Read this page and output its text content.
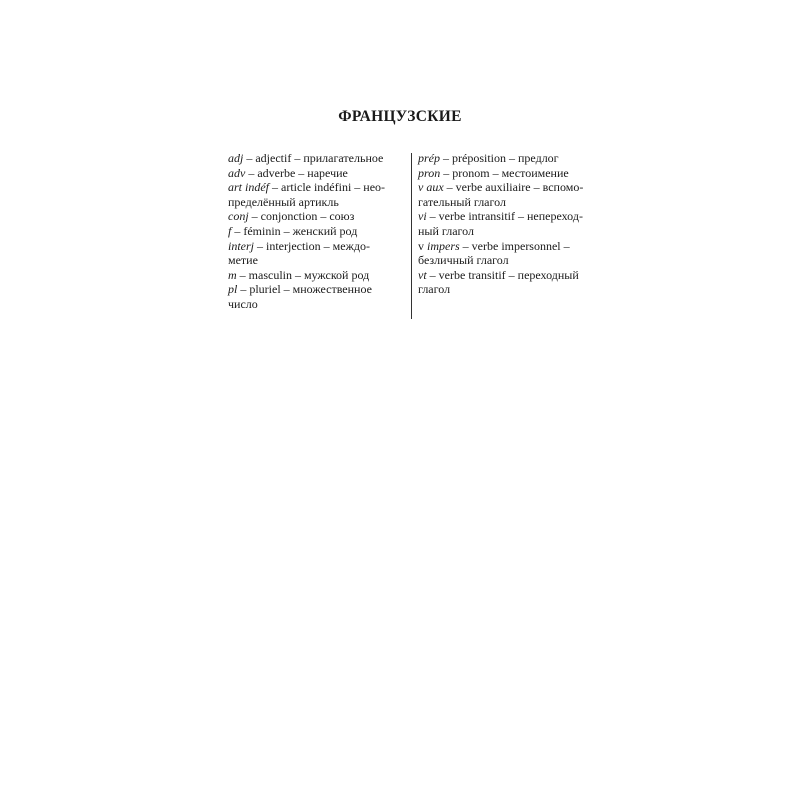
ФРАНЦУЗСКИЕ
adj – adjectif – прилагательное
adv – adverbe – наречие
art indéf – article indéfini – нео-
пределённый артикль
conj – conjonction – союз
f – féminin – женский род
interj – interjection – междо-
метие
m – masculin – мужской род
pl – pluriel – множественное
число
prép – préposition – предлог
pron – pronom – местоимение
v aux – verbe auxiliaire – вспомо-
гательный глагол
vi – verbe intransitif – непереход-
ный глагол
v impers – verbe impersonnel –
безличный глагол
vt – verbe transitif – переходный
глагол
